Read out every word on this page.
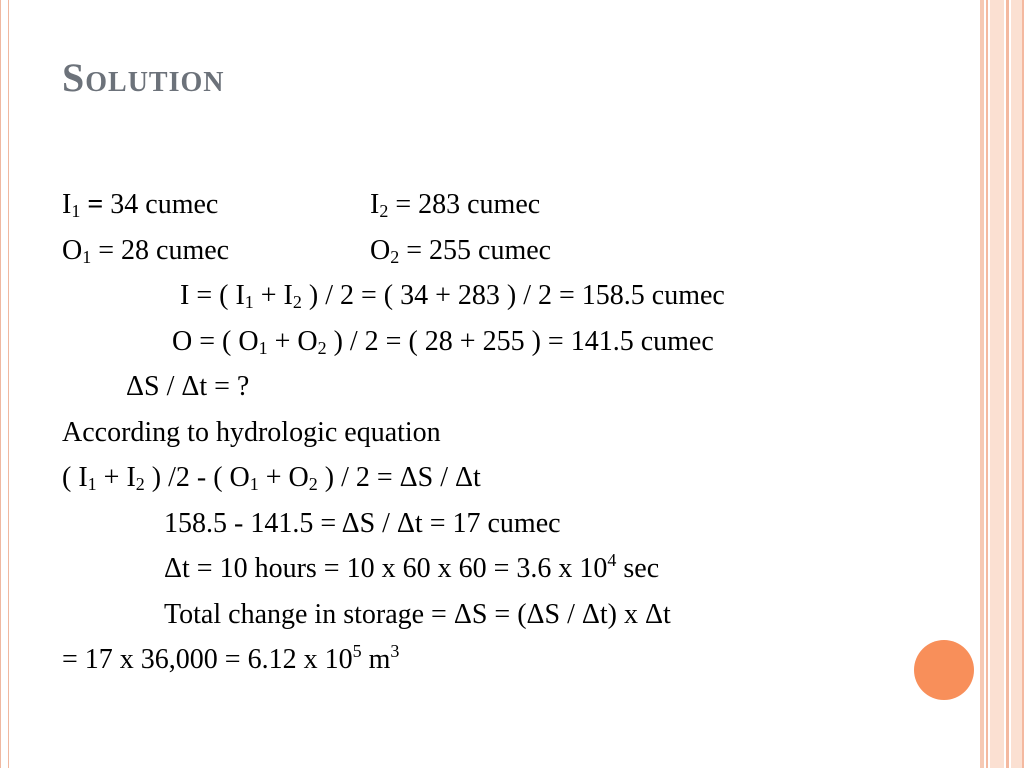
Solution
$I_1 = 34$ cumec	$I_2 = 283$ cumec
$O_1 = 28$ cumec	$O_2 = 255$ cumec
I = ( $I_1 + I_2$ ) / 2 = ( 34 + 283 ) / 2 = 158.5 cumec
O = ( $O_1 + O_2$ ) / 2 = ( 28 + 255 ) = 141.5 cumec
ΔS / Δt = ?
According to hydrologic equation
( $I_1 + I_2$ ) /2 - ( $O_1 + O_2$ ) / 2 = ΔS / Δt
158.5 - 141.5 = ΔS / Δt = 17 cumec
Δt = 10 hours = 10 x 60 x 60 = 3.6 x $10^4$ sec
Total change in storage = ΔS = (ΔS / Δt) x Δt
= 17 x 36,000 = 6.12 x $10^5$ $m^3$
